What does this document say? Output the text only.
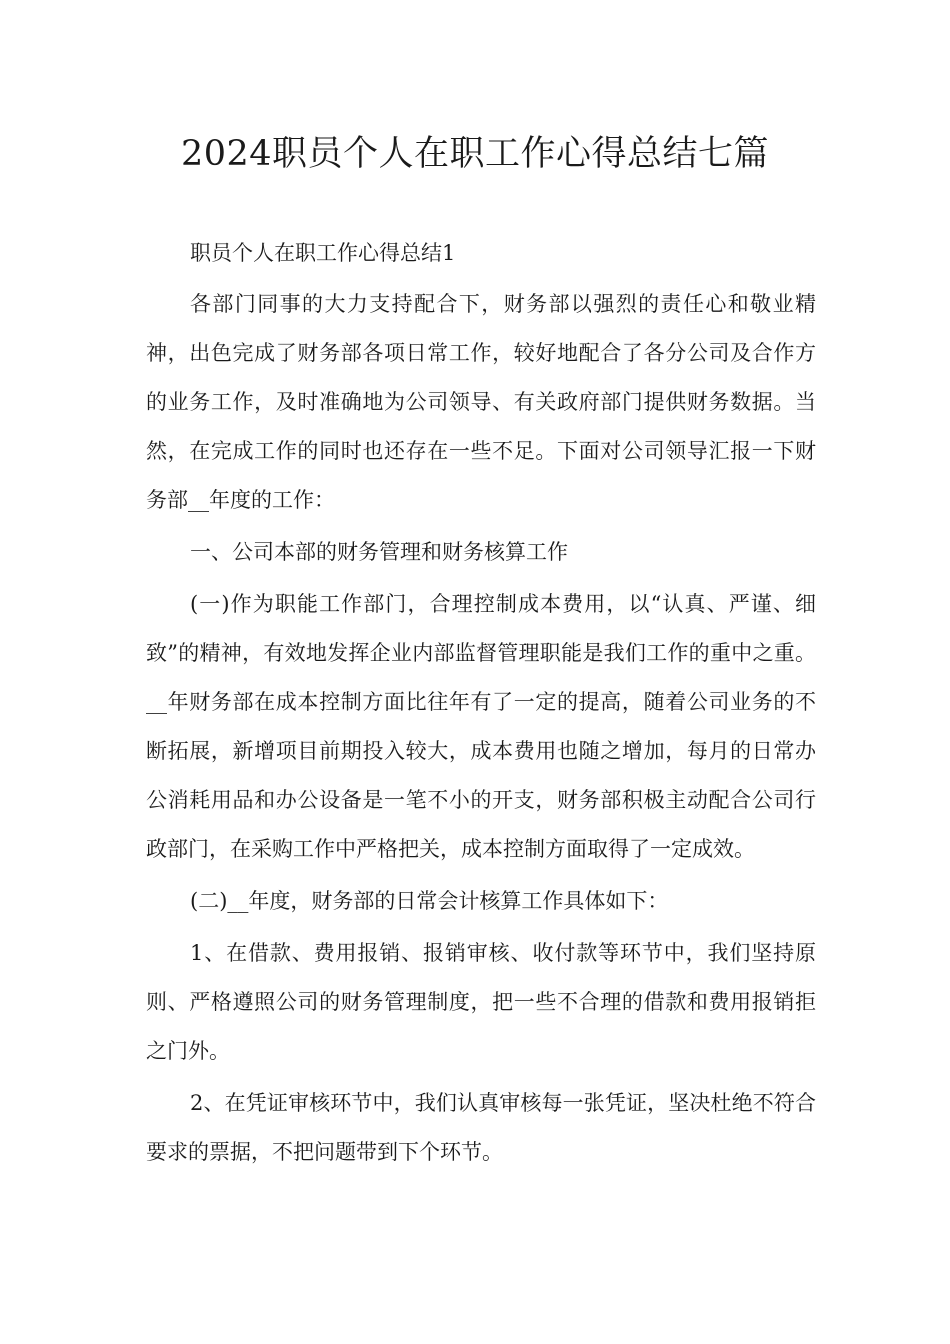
2024职员个人在职工作心得总结七篇

职员个人在职工作心得总结1

各部门同事的大力支持配合下，财务部以强烈的责任心和敬业精神，出色完成了财务部各项日常工作，较好地配合了各分公司及合作方的业务工作，及时准确地为公司领导、有关政府部门提供财务数据。当然，在完成工作的同时也还存在一些不足。下面对公司领导汇报一下财务部__年度的工作：

一、公司本部的财务管理和财务核算工作

(一)作为职能工作部门，合理控制成本费用，以“认真、严谨、细致”的精神，有效地发挥企业内部监督管理职能是我们工作的重中之重。__年财务部在成本控制方面比往年有了一定的提高，随着公司业务的不断拓展，新增项目前期投入较大，成本费用也随之增加，每月的日常办公消耗用品和办公设备是一笔不小的开支，财务部积极主动配合公司行政部门，在采购工作中严格把关，成本控制方面取得了一定成效。

(二)__年度，财务部的日常会计核算工作具体如下：

1、在借款、费用报销、报销审核、收付款等环节中，我们坚持原则、严格遵照公司的财务管理制度，把一些不合理的借款和费用报销拒之门外。

2、在凭证审核环节中，我们认真审核每一张凭证，坚决杜绝不符合要求的票据，不把问题带到下个环节。
